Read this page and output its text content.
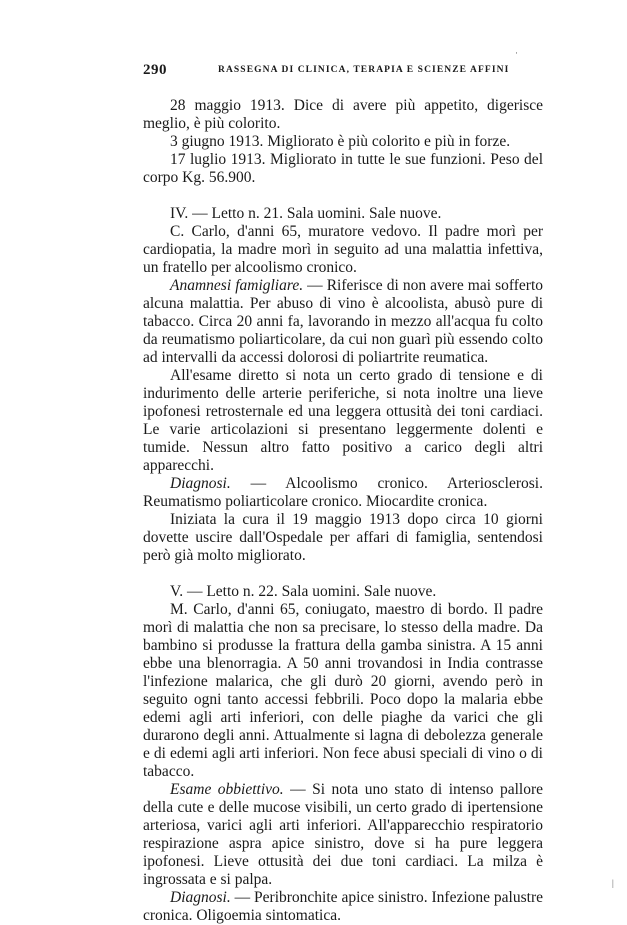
290	RASSEGNA DI CLINICA, TERAPIA E SCIENZE AFFINI

28 maggio 1913. Dice di avere più appetito, digerisce meglio, è più colorito.

3 giugno 1913. Migliorato è più colorito e più in forze.

17 luglio 1913. Migliorato in tutte le sue funzioni. Peso del corpo Kg. 56.900.

IV. — Letto n. 21. Sala uomini. Sale nuove.

C. Carlo, d'anni 65, muratore vedovo. Il padre morì per cardiopatia, la madre morì in seguito ad una malattia infettiva, un fratello per alcoolismo cronico.

Anamnesi famigliare. — Riferisce di non avere mai sofferto alcuna malattia. Per abuso di vino è alcoolista, abusò pure di tabacco. Circa 20 anni fa, lavorando in mezzo all'acqua fu colto da reumatismo poliarticolare, da cui non guarì più essendo colto ad intervalli da accessi dolorosi di poliartrite reumatica.

All'esame diretto si nota un certo grado di tensione e di indurimento delle arterie periferiche, si nota inoltre una lieve ipofonesi retrosternale ed una leggera ottusità dei toni cardiaci. Le varie articolazioni si presentano leggermente dolenti e tumide. Nessun altro fatto positivo a carico degli altri apparecchi.

Diagnosi. — Alcoolismo cronico. Arteriosclerosi. Reumatismo poliarticolare cronico. Miocardite cronica.

Iniziata la cura il 19 maggio 1913 dopo circa 10 giorni dovette uscire dall'Ospedale per affari di famiglia, sentendosi però già molto migliorato.

V. — Letto n. 22. Sala uomini. Sale nuove.

M. Carlo, d'anni 65, coniugato, maestro di bordo. Il padre morì di malattia che non sa precisare, lo stesso della madre. Da bambino si produsse la frattura della gamba sinistra. A 15 anni ebbe una blenorragia. A 50 anni trovandosi in India contrasse l'infezione malarica, che gli durò 20 giorni, avendo però in seguito ogni tanto accessi febbrili. Poco dopo la malaria ebbe edemi agli arti inferiori, con delle piaghe da varici che gli durarono degli anni. Attualmente si lagna di debolezza generale e di edemi agli arti inferiori. Non fece abusi speciali di vino o di tabacco.

Esame obbiettivo. — Si nota uno stato di intenso pallore della cute e delle mucose visibili, un certo grado di ipertensione arteriosa, varici agli arti inferiori. All'apparecchio respiratorio respirazione aspra apice sinistro, dove si ha pure leggera ipofonesi. Lieve ottusità dei due toni cardiaci. La milza è ingrossata e si palpa.

Diagnosi. — Peribronchite apice sinistro. Infezione palustre cronica. Oligoemia sintomatica.

·
|
